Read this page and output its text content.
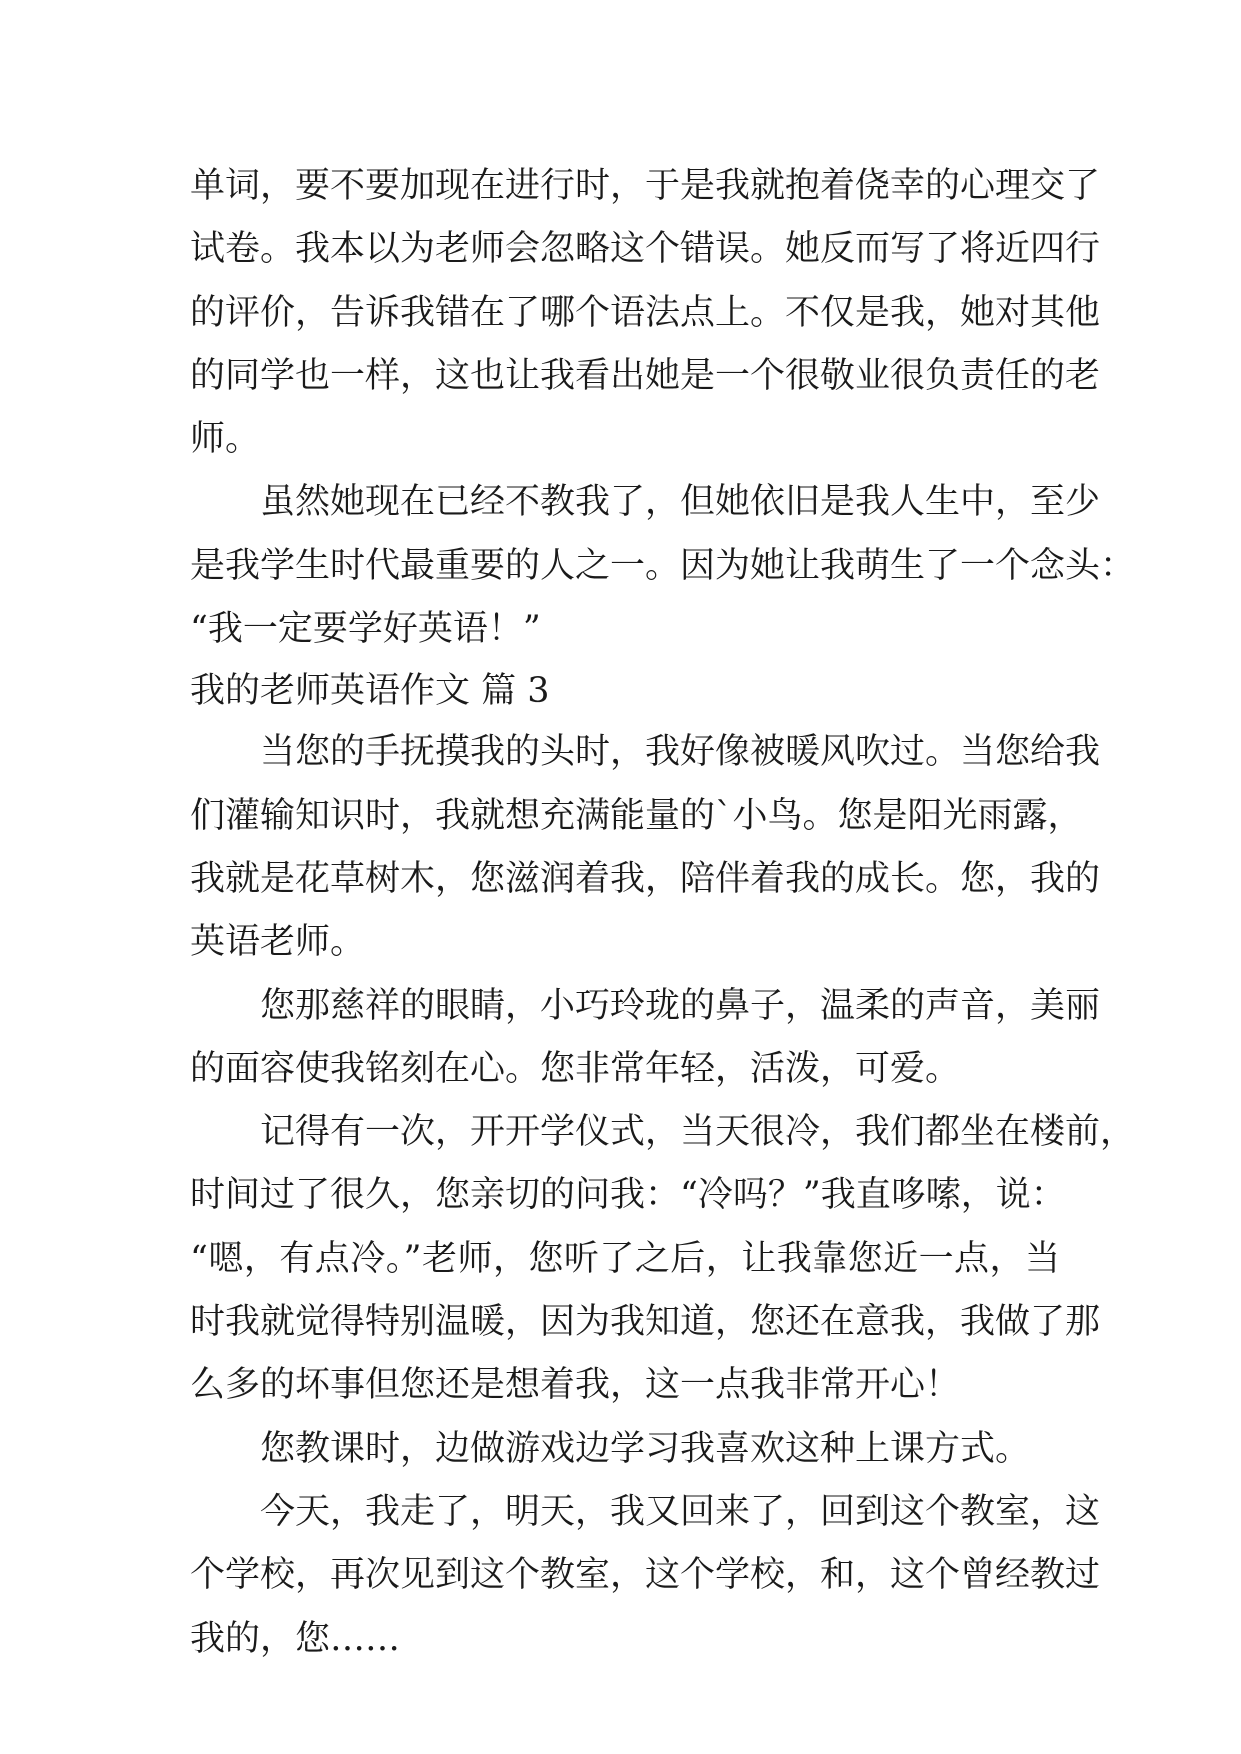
单词，要不要加现在进行时，于是我就抱着侥幸的心理交了
试卷。我本以为老师会忽略这个错误。她反而写了将近四行
的评价，告诉我错在了哪个语法点上。不仅是我，她对其他
的同学也一样，这也让我看出她是一个很敬业很负责任的老
师。
虽然她现在已经不教我了，但她依旧是我人生中，至少
是我学生时代最重要的人之一。因为她让我萌生了一个念头：
“我一定要学好英语！”
我的老师英语作文 篇 3
当您的手抚摸我的头时，我好像被暖风吹过。当您给我
们灌输知识时，我就想充满能量的`小鸟。您是阳光雨露，
我就是花草树木，您滋润着我，陪伴着我的成长。您，我的
英语老师。
您那慈祥的眼睛，小巧玲珑的鼻子，温柔的声音，美丽
的面容使我铭刻在心。您非常年轻，活泼，可爱。
记得有一次，开开学仪式，当天很冷，我们都坐在楼前，
时间过了很久，您亲切的问我：“冷吗？”我直哆嗦，说：
“嗯，有点冷。”老师，您听了之后，让我靠您近一点，当
时我就觉得特别温暖，因为我知道，您还在意我，我做了那
么多的坏事但您还是想着我，这一点我非常开心！
您教课时，边做游戏边学习我喜欢这种上课方式。
今天，我走了，明天，我又回来了，回到这个教室，这
个学校，再次见到这个教室，这个学校，和，这个曾经教过
我的，您……
